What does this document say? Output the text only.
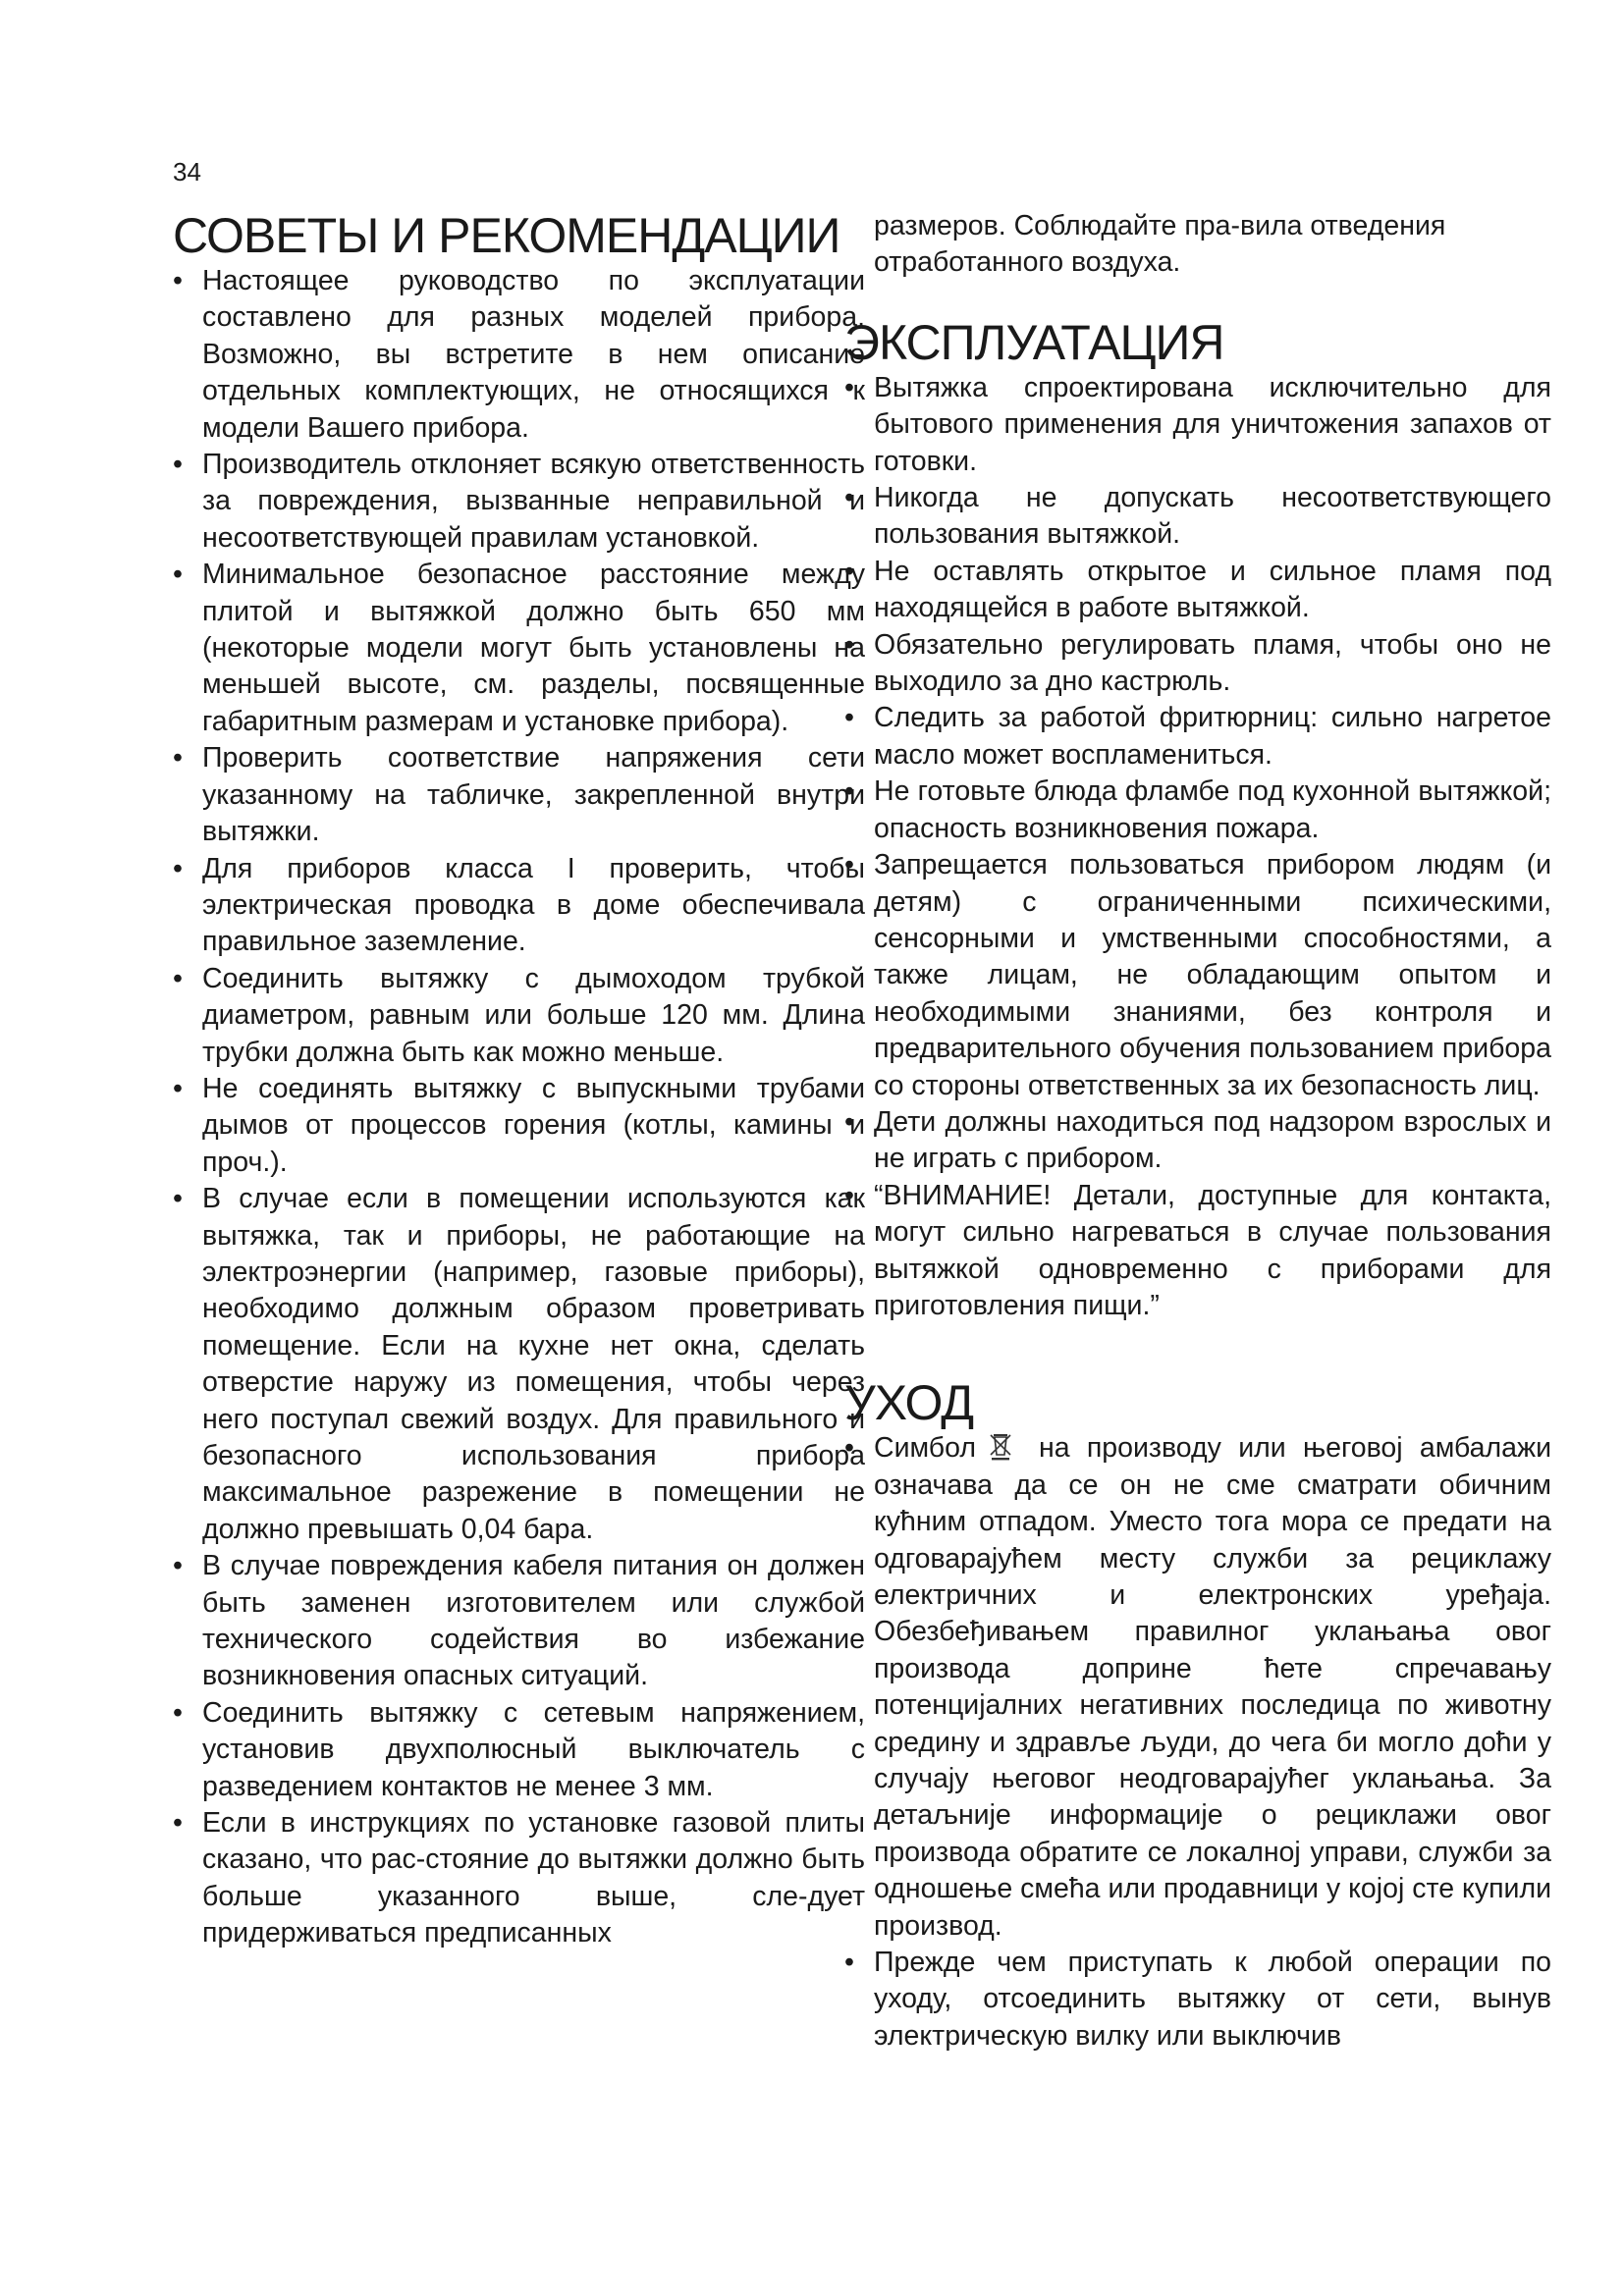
34
СОВЕТЫ И РЕКОМЕНДАЦИИ
• Настоящее руководство по эксплуатации составлено для разных моделей прибора. Возможно, вы встретите в нем описание отдельных комплектующих, не относящихся к модели Вашего прибора.
• Производитель отклоняет всякую ответственность за повреждения, вызванные неправильной и несоответствующей правилам установкой.
• Минимальное безопасное расстояние между плитой и вытяжкой должно быть 650 мм (некоторые модели могут быть установлены на меньшей высоте, см. разделы, посвященные габаритным размерам и установке прибора).
• Проверить соответствие напряжения сети указанному на табличке, закрепленной внутри вытяжки.
• Для приборов класса I проверить, чтобы электрическая проводка в доме обеспечивала правильное заземление.
• Соединить вытяжку с дымоходом трубкой диаметром, равным или больше 120 мм. Длина трубки должна быть как можно меньше.
• Не соединять вытяжку с выпускными трубами дымов от процессов горения (котлы, камины и проч.).
• В случае если в помещении используются как вытяжка, так и приборы, не работающие на электроэнергии (например, газовые приборы), необходимо должным образом проветривать помещение. Если на кухне нет окна, сделать отверстие наружу из помещения, чтобы через него поступал свежий воздух. Для правильного и безопасного использования прибора максимальное разрежение в помещении не должно превышать 0,04 бара.
• В случае повреждения кабеля питания он должен быть заменен изготовителем или службой технического содействия во избежание возникновения опасных ситуаций.
• Соединить вытяжку с сетевым напряжением, установив двухполюсный выключатель с разведением контактов не менее 3 мм.
• Если в инструкциях по установке газовой плиты сказано, что рас-стояние до вытяжки должно быть больше указанного выше, сле-дует придерживаться предписанных

размеров. Соблюдайте пра-вила отведения отработанного воздуха.

ЭКСПЛУАТАЦИЯ
• Вытяжка спроектирована исключительно для бытового применения для уничтожения запахов от готовки.
• Никогда не допускать несоответствующего пользования вытяжкой.
• Не оставлять открытое и сильное пламя под находящейся в работе вытяжкой.
• Обязательно регулировать пламя, чтобы оно не выходило за дно кастрюль.
• Следить за работой фритюрниц: сильно нагретое масло может воспламениться.
• Не готовьте блюда фламбе под кухонной вытяжкой; опасность возникновения пожара.
• Запрещается пользоваться прибором людям (и детям) с ограниченными психическими, сенсорными и умственными способностями, а также лицам, не обладающим опытом и необходимыми знаниями, без контроля и предварительного обучения пользованием прибора со стороны ответственных за их безопасность лиц.
• Дети должны находиться под надзором взрослых и не играть с прибором.
• “ВНИМАНИЕ! Детали, доступные для контакта, могут сильно нагреваться в случае пользования вытяжкой одновременно с приборами для приготовления пищи.”
УХОД
• Симбол на производу или његовој амбалажи означава да се он не сме сматрати обичним кућним отпадом. Уместо тога мора се предати на одговарајућем месту служби за рециклажу електричних и електронских уређаја. Обезбеђивањем правилног уклањања овог производа доприне ћете спречавању потенцијалних негативних последица по животну средину и здравље људи, до чега би могло доћи у случају његовог неодговарајућег уклањања. За детаљније информације о рециклажи овог производа обратите се локалној управи, служби за одношење смећа или продавници у којој сте купили производ.
• Прежде чем приступать к любой операции по уходу, отсоединить вытяжку от сети, вынув электрическую вилку или выключив
